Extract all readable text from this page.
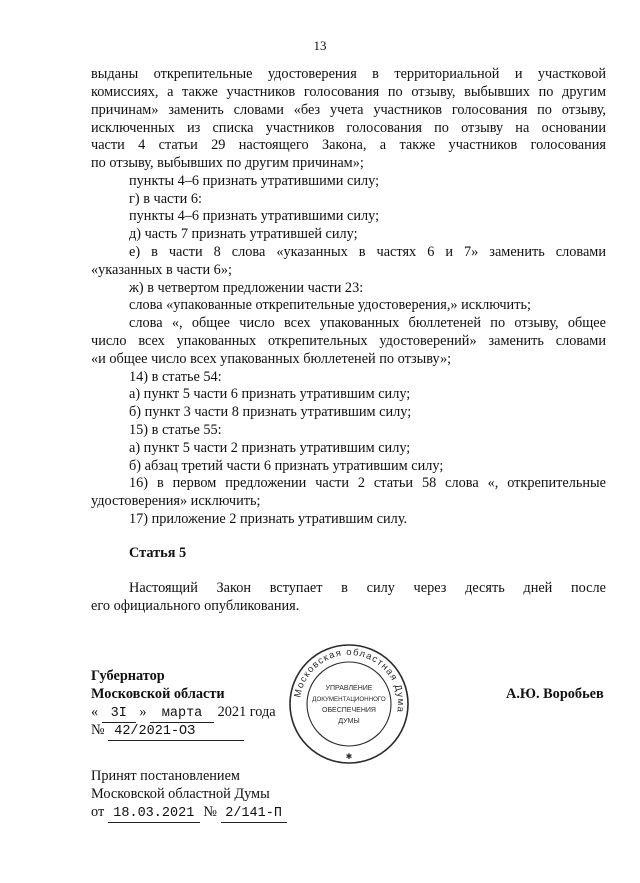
13
выданы открепительные удостоверения в территориальной и участковой
комиссиях, а также участников голосования по отзыву, выбывших по другим
причинам» заменить словами «без учета участников голосования по отзыву,
исключенных из списка участников голосования по отзыву на основании
части 4 статьи 29 настоящего Закона, а также участников голосования
по отзыву, выбывших по другим причинам»;
пункты 4–6 признать утратившими силу;
г) в части 6:
пункты 4–6 признать утратившими силу;
д) часть 7 признать утратившей силу;
е) в части 8 слова «указанных в частях 6 и 7» заменить словами
«указанных в части 6»;
ж) в четвертом предложении части 23:
слова «упакованные открепительные удостоверения,» исключить;
слова «, общее число всех упакованных бюллетеней по отзыву, общее
число всех упакованных открепительных удостоверений» заменить словами
«и общее число всех упакованных бюллетеней по отзыву»;
14) в статье 54:
а) пункт 5 части 6 признать утратившим силу;
б) пункт 3 части 8 признать утратившим силу;
15) в статье 55:
а) пункт 5 части 2 признать утратившим силу;
б) абзац третий части 6 признать утратившим силу;
16) в первом предложении части 2 статьи 58 слова «, открепительные
удостоверения» исключить;
17) приложение 2 признать утратившим силу.
Статья 5
Настоящий Закон вступает в силу через десять дней после
его официального опубликования.
Губернатор
Московской области	А.Ю. Воробьев
« 3I » марта 2021 года
№ 42/2021-ОЗ
Принят постановлением
Московской областной Думы
от 18.03.2021 № 2/141-П
Московская областная Дума
✱
УПРАВЛЕНИЕ
ДОКУМЕНТАЦИОННОГО
ОБЕСПЕЧЕНИЯ
ДУМЫ
